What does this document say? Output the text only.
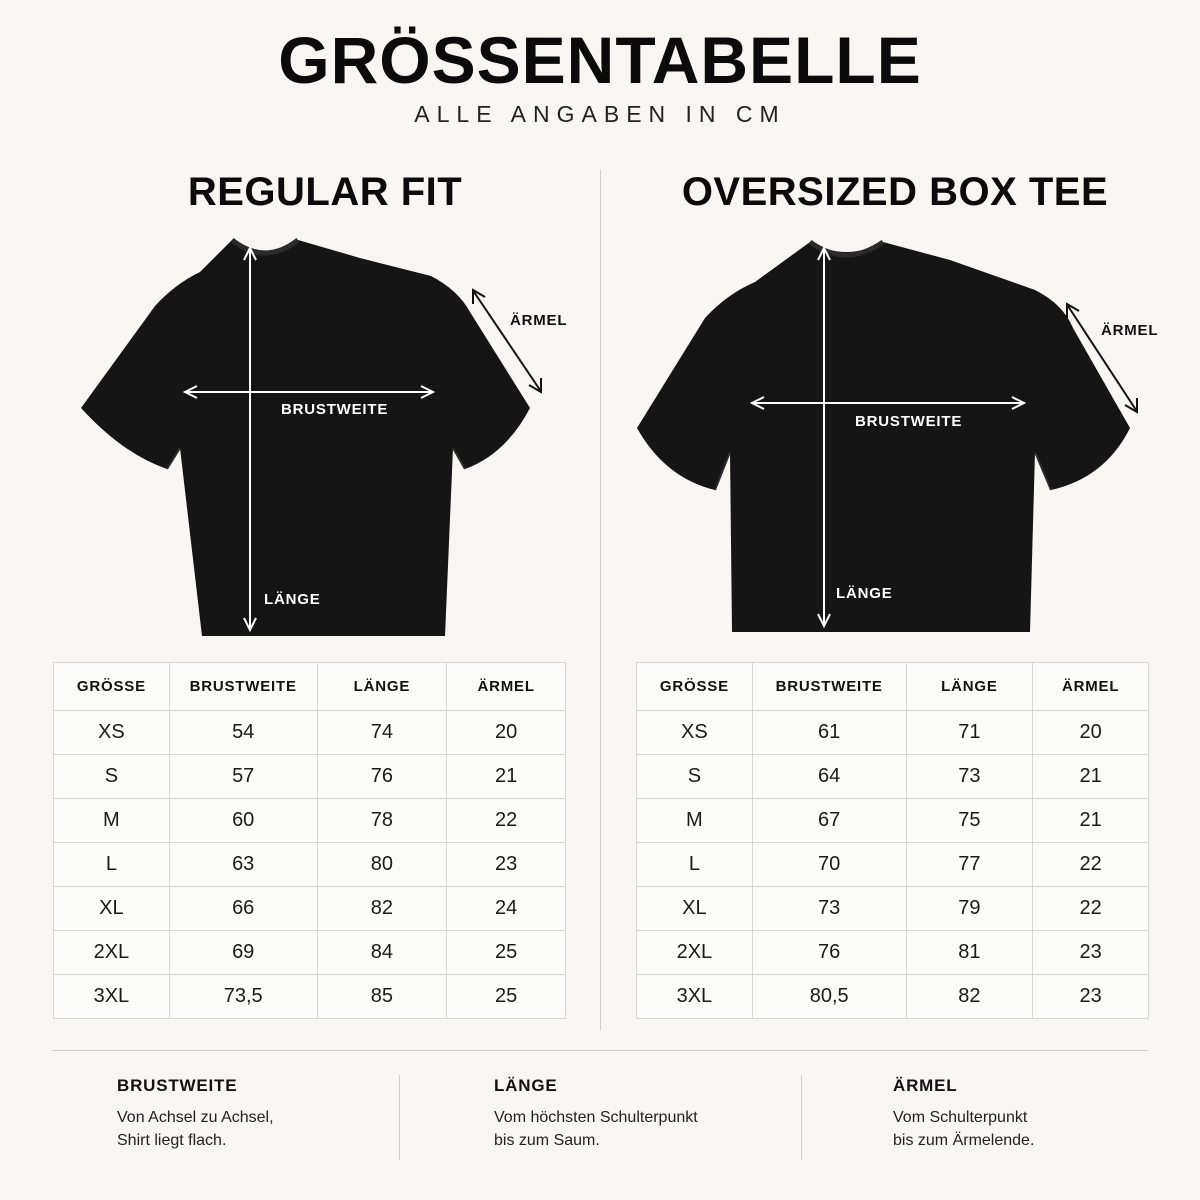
GRÖSSENTABELLE
ALLE ANGABEN IN CM
REGULAR FIT	OVERSIZED BOX TEE
LÄNGE
BRUSTWEITE
ÄRMEL
LÄNGE
BRUSTWEITE
ÄRMEL
GRÖSSE	BRUSTWEITE	LÄNGE	ÄRMEL
XS	54	74	20
S	57	76	21
M	60	78	22
L	63	80	23
XL	66	82	24
2XL	69	84	25
3XL	73,5	85	25
GRÖSSE	BRUSTWEITE	LÄNGE	ÄRMEL
XS	61	71	20
S	64	73	21
M	67	75	21
L	70	77	22
XL	73	79	22
2XL	76	81	23
3XL	80,5	82	23
BRUSTWEITE
Von Achsel zu Achsel,
Shirt liegt flach.
LÄNGE
Vom höchsten Schulterpunkt
bis zum Saum.
ÄRMEL
Vom Schulterpunkt
bis zum Ärmelende.
